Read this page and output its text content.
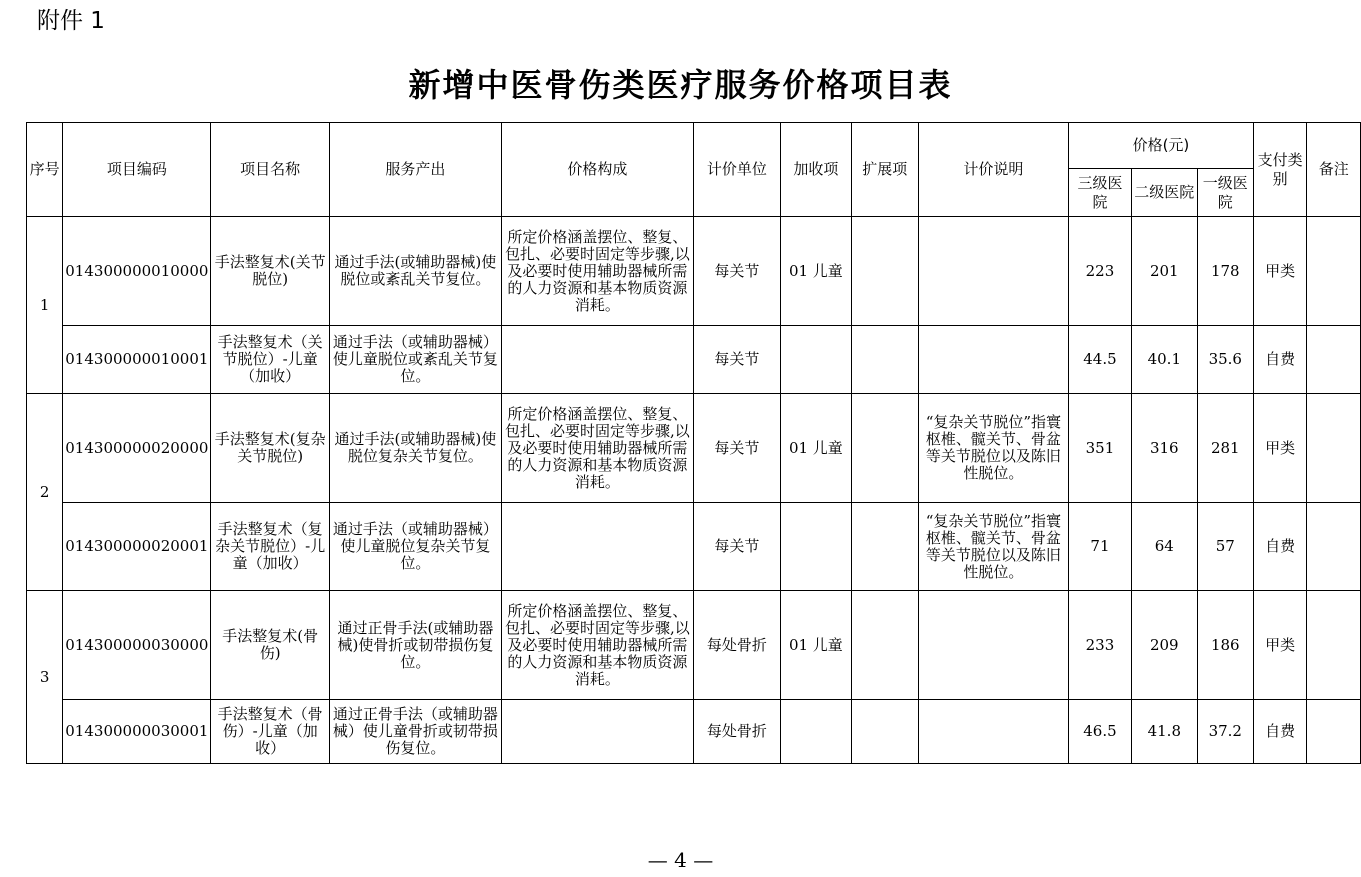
附件 1
新增中医骨伤类医疗服务价格项目表
序号	项目编码	项目名称	服务产出	价格构成	计价单位	加收项	扩展项	计价说明	价格(元)			支付类别	备注
									三级医院	二级医院	一级医院		
1	014300000010000	手法整复术(关节脱位)	通过手法(或辅助器械)使脱位或紊乱关节复位。	所定价格涵盖摆位、整复、包扎、必要时固定等步骤,以及必要时使用辅助器械所需的人力资源和基本物质资源消耗。	每关节	01 儿童			223	201	178	甲类	
	014300000010001	手法整复术（关节脱位）-儿童（加收）	通过手法（或辅助器械）使儿童脱位或紊乱关节复位。		每关节				44.5	40.1	35.6	自费	
2	014300000020000	手法整复术(复杂关节脱位)	通过手法(或辅助器械)使脱位复杂关节复位。	所定价格涵盖摆位、整复、包扎、必要时固定等步骤,以及必要时使用辅助器械所需的人力资源和基本物质资源消耗。	每关节	01 儿童		“复杂关节脱位”指寰枢椎、髋关节、骨盆等关节脱位以及陈旧性脱位。	351	316	281	甲类	
	014300000020001	手法整复术（复杂关节脱位）-儿童（加收）	通过手法（或辅助器械）使儿童脱位复杂关节复位。		每关节			“复杂关节脱位”指寰枢椎、髋关节、骨盆等关节脱位以及陈旧性脱位。	71	64	57	自费	
3	014300000030000	手法整复术(骨伤)	通过正骨手法(或辅助器械)使骨折或韧带损伤复位。	所定价格涵盖摆位、整复、包扎、必要时固定等步骤,以及必要时使用辅助器械所需的人力资源和基本物质资源消耗。	每处骨折	01 儿童			233	209	186	甲类	
	014300000030001	手法整复术（骨伤）-儿童（加收）	通过正骨手法（或辅助器械）使儿童骨折或韧带损伤复位。		每处骨折				46.5	41.8	37.2	自费	
— 4 —
